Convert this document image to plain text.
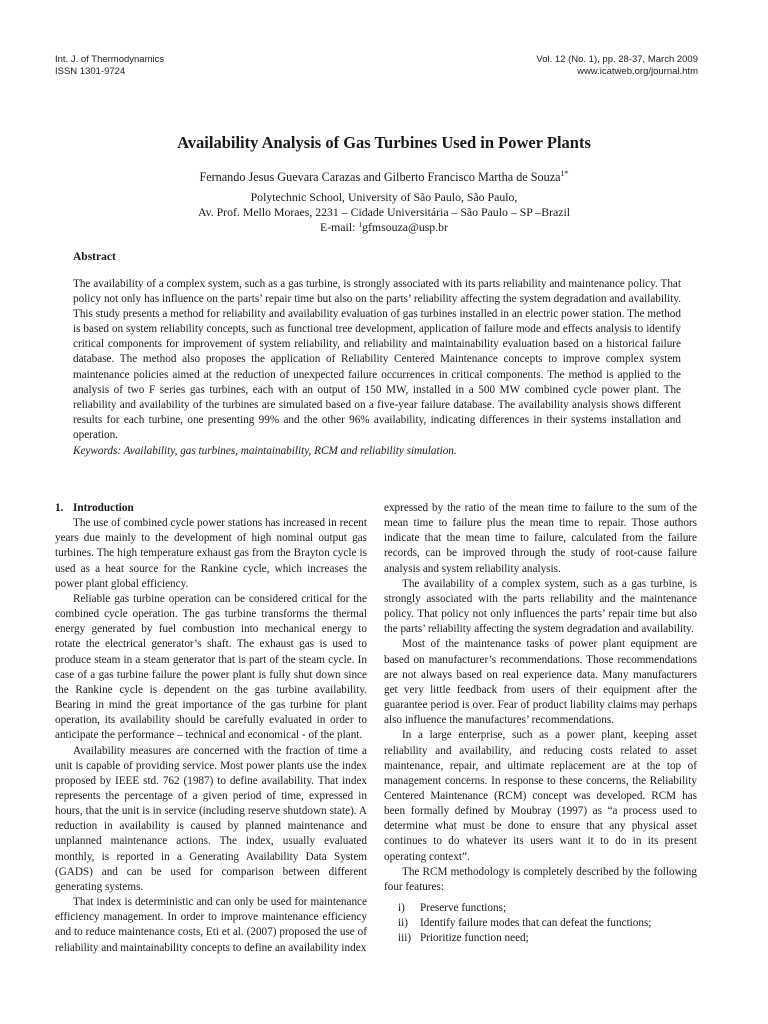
Int. J. of Thermodynamics
ISSN 1301-9724
Vol. 12 (No. 1), pp. 28-37, March 2009
www.icatweb.org/journal.htm
Availability Analysis of Gas Turbines Used in Power Plants
Fernando Jesus Guevara Carazas and Gilberto Francisco Martha de Souza$^{1*}$
Polytechnic School, University of São Paulo, São Paulo,
Av. Prof. Mello Moraes, 2231 – Cidade Universitária – São Paulo – SP –Brazil
E-mail: $^1$gfmsouza@usp.br
Abstract
The availability of a complex system, such as a gas turbine, is strongly associated with its parts reliability and maintenance policy. That policy not only has influence on the parts’ repair time but also on the parts’ reliability affecting the system degradation and availability. This study presents a method for reliability and availability evaluation of gas turbines installed in an electric power station. The method is based on system reliability concepts, such as functional tree development, application of failure mode and effects analysis to identify critical components for improvement of system reliability, and reliability and maintainability evaluation based on a historical failure database. The method also proposes the application of Reliability Centered Maintenance concepts to improve complex system maintenance policies aimed at the reduction of unexpected failure occurrences in critical components. The method is applied to the analysis of two F series gas turbines, each with an output of 150 MW, installed in a 500 MW combined cycle power plant. The reliability and availability of the turbines are simulated based on a five-year failure database. The availability analysis shows different results for each turbine, one presenting 99% and the other 96% availability, indicating differences in their systems installation and operation.
Keywords: Availability, gas turbines, maintainability, RCM and reliability simulation.
1. Introduction

The use of combined cycle power stations has increased in recent years due mainly to the development of high nominal output gas turbines. The high temperature exhaust gas from the Brayton cycle is used as a heat source for the Rankine cycle, which increases the power plant global efficiency.

Reliable gas turbine operation can be considered critical for the combined cycle operation. The gas turbine transforms the thermal energy generated by fuel combustion into mechanical energy to rotate the electrical generator’s shaft. The exhaust gas is used to produce steam in a steam generator that is part of the steam cycle. In case of a gas turbine failure the power plant is fully shut down since the Rankine cycle is dependent on the gas turbine availability. Bearing in mind the great importance of the gas turbine for plant operation, its availability should be carefully evaluated in order to anticipate the performance – technical and economical - of the plant.

Availability measures are concerned with the fraction of time a unit is capable of providing service. Most power plants use the index proposed by IEEE std. 762 (1987) to define availability. That index represents the percentage of a given period of time, expressed in hours, that the unit is in service (including reserve shutdown state). A reduction in availability is caused by planned maintenance and unplanned maintenance actions. The index, usually evaluated monthly, is reported in a Generating Availability Data System (GADS) and can be used for comparison between different generating systems.

That index is deterministic and can only be used for maintenance efficiency management. In order to improve maintenance efficiency and to reduce maintenance costs, Eti et al. (2007) proposed the use of reliability and maintainability concepts to define an availability index

expressed by the ratio of the mean time to failure to the sum of the mean time to failure plus the mean time to repair. Those authors indicate that the mean time to failure, calculated from the failure records, can be improved through the study of root-cause failure analysis and system reliability analysis.

The availability of a complex system, such as a gas turbine, is strongly associated with the parts reliability and the maintenance policy. That policy not only influences the parts’ repair time but also the parts’ reliability affecting the system degradation and availability.

Most of the maintenance tasks of power plant equipment are based on manufacturer’s recommendations. Those recommendations are not always based on real experience data. Many manufacturers get very little feedback from users of their equipment after the guarantee period is over. Fear of product liability claims may perhaps also influence the manufactures’ recommendations.

In a large enterprise, such as a power plant, keeping asset reliability and availability, and reducing costs related to asset maintenance, repair, and ultimate replacement are at the top of management concerns. In response to these concerns, the Reliability Centered Maintenance (RCM) concept was developed. RCM has been formally defined by Moubray (1997) as “a process used to determine what must be done to ensure that any physical asset continues to do whatever its users want it to do in its present operating context”.

The RCM methodology is completely described by the following four features:

i) Preserve functions;
ii) Identify failure modes that can defeat the functions;
iii) Prioritize function need;
